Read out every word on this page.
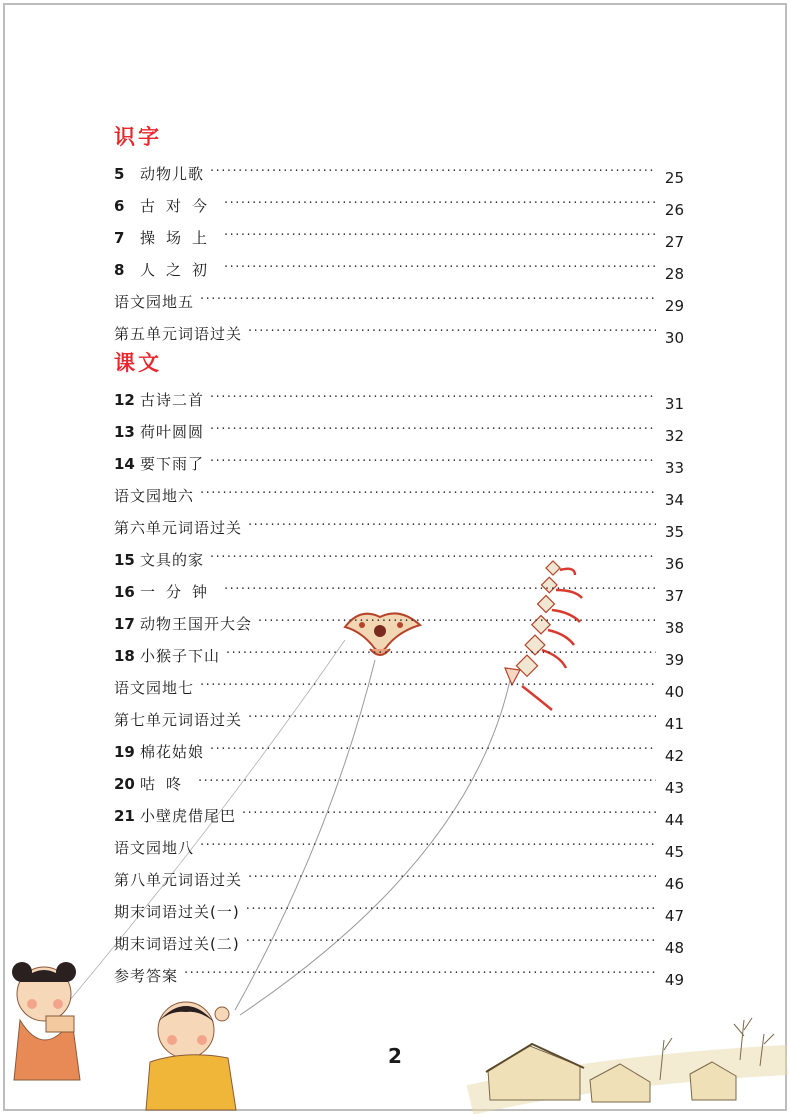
识字
5	动物儿歌 ·····	25
6	古对今 ·····	26
7	操场上 ·····	27
8	人之初 ·····	28
语文园地五 ·····	29
第五单元词语过关 ·····	30
课文
12 古诗二首 ·····	31
13 荷叶圆圆 ·····	32
14 要下雨了 ·····	33
语文园地六 ·····	34
第六单元词语过关 ·····	35
15 文具的家 ·····	36
16 一分钟 ·····	37
17 动物王国开大会 ·····	38
18 小猴子下山 ·····	39
语文园地七 ·····	40
第七单元词语过关 ·····	41
19 棉花姑娘 ·····	42
20 咕咚 ·····	43
21 小壁虎借尾巴 ·····	44
语文园地八 ·····	45
第八单元词语过关 ·····	46
期末词语过关(一) ·····	47
期末词语过关(二) ·····	48
参考答案 ·····	49
2
